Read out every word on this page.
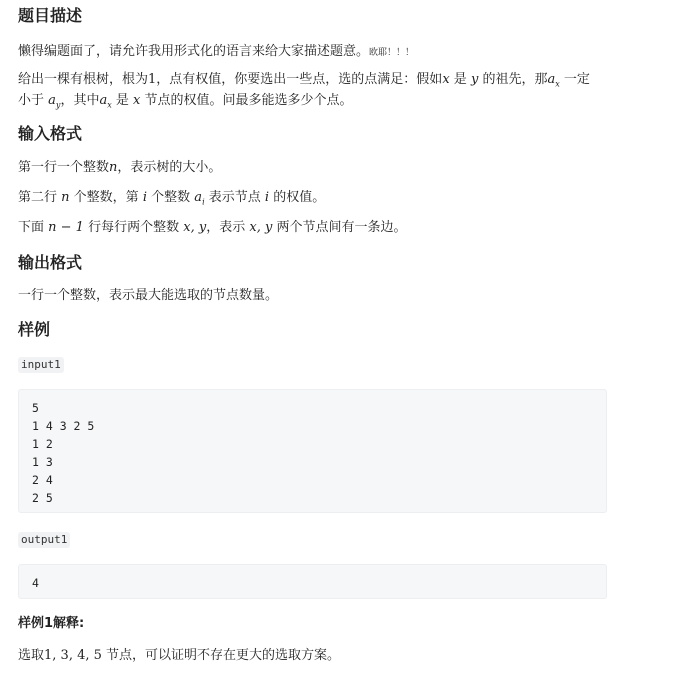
题目描述

懒得编题面了，请允许我用形式化的语言来给大家描述题意。欧耶！！！

给出一棵有根树，根为1，点有权值，你要选出一些点，选的点满足：假如x 是 y 的祖先，那$a_x$ 一定

小于 $a_y$，其中$a_x$ 是 x 节点的权值。问最多能选多少个点。

输入格式

第一行一个整数n，表示树的大小。

第二行 n 个整数，第 i 个整数 $a_i$ 表示节点 i 的权值。

下面 n − 1 行每行两个整数 x, y，表示 x, y 两个节点间有一条边。

输出格式

一行一个整数，表示最大能选取的节点数量。

样例
input1
5
1 4 3 2 5
1 2
1 3
2 4
2 5
output1
4

样例1解释:

选取1, 3, 4, 5 节点，可以证明不存在更大的选取方案。
